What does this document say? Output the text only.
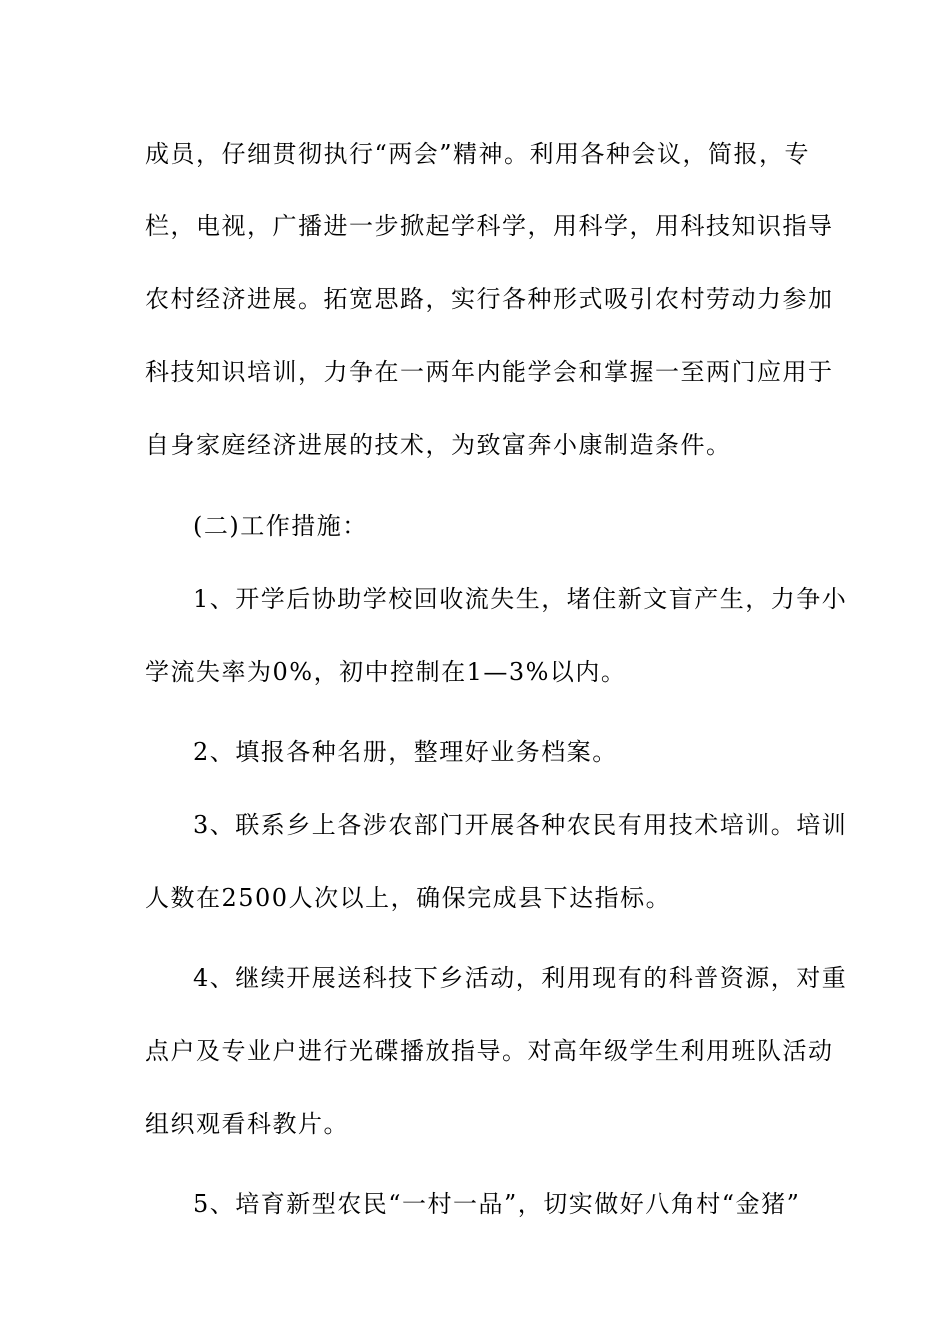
成员，仔细贯彻执行“两会”精神。利用各种会议，简报，专
栏，电视，广播进一步掀起学科学，用科学，用科技知识指导
农村经济进展。拓宽思路，实行各种形式吸引农村劳动力参加
科技知识培训，力争在一两年内能学会和掌握一至两门应用于
自身家庭经济进展的技术，为致富奔小康制造条件。
(二)工作措施：
1、开学后协助学校回收流失生，堵住新文盲产生，力争小
学流失率为0%，初中控制在1—3%以内。
2、填报各种名册，整理好业务档案。
3、联系乡上各涉农部门开展各种农民有用技术培训。培训
人数在2500人次以上，确保完成县下达指标。
4、继续开展送科技下乡活动，利用现有的科普资源，对重
点户及专业户进行光碟播放指导。对高年级学生利用班队活动
组织观看科教片。
5、培育新型农民“一村一品”，切实做好八角村“金猪”
